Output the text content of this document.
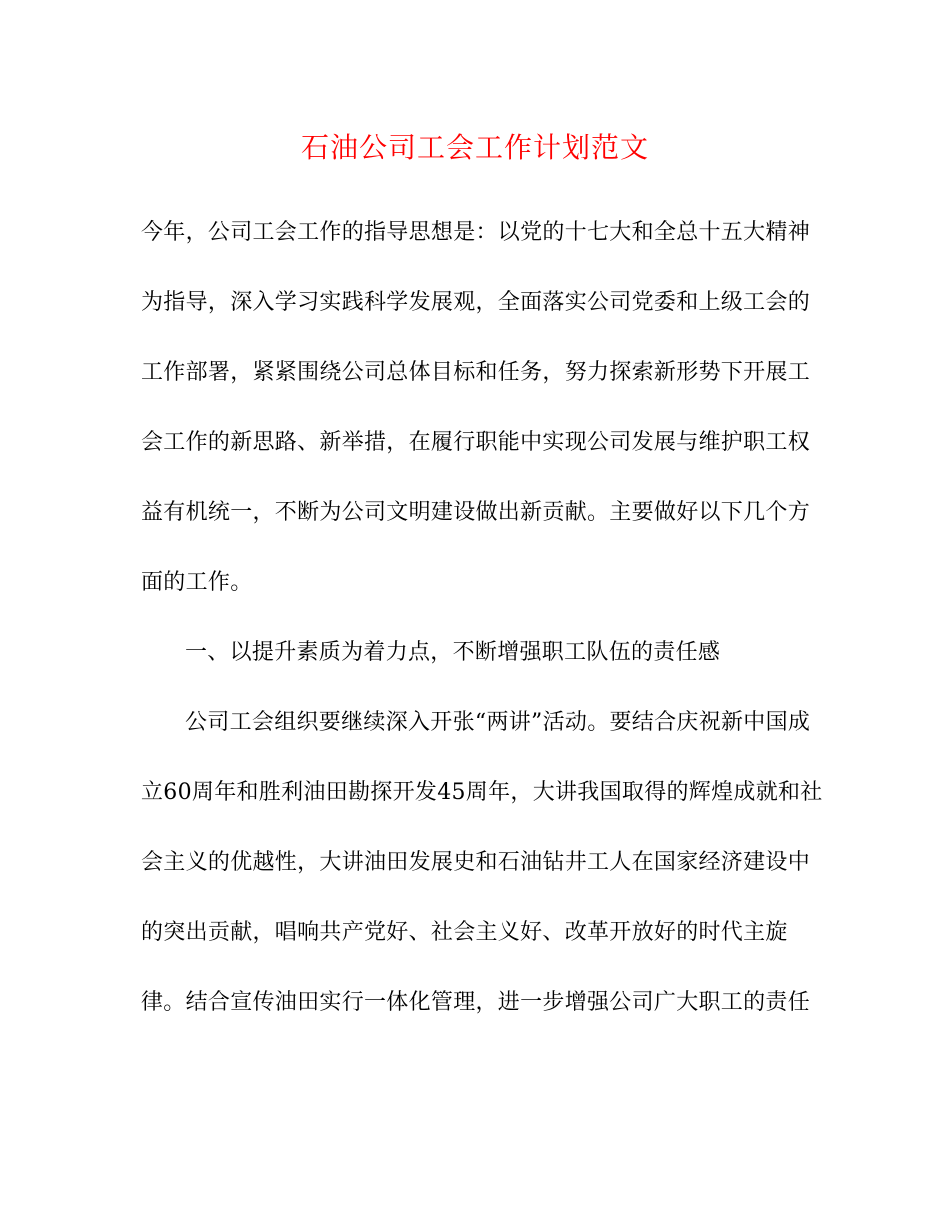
石油公司工会工作计划范文
今年，公司工会工作的指导思想是：以党的十七大和全总十五大精神
为指导，深入学习实践科学发展观，全面落实公司党委和上级工会的
工作部署，紧紧围绕公司总体目标和任务，努力探索新形势下开展工
会工作的新思路、新举措，在履行职能中实现公司发展与维护职工权
益有机统一，不断为公司文明建设做出新贡献。主要做好以下几个方
面的工作。
一、以提升素质为着力点，不断增强职工队伍的责任感
公司工会组织要继续深入开张“两讲”活动。要结合庆祝新中国成
立60周年和胜利油田勘探开发45周年，大讲我国取得的辉煌成就和社
会主义的优越性，大讲油田发展史和石油钻井工人在国家经济建设中
的突出贡献，唱响共产党好、社会主义好、改革开放好的时代主旋
律。结合宣传油田实行一体化管理，进一步增强公司广大职工的责任
